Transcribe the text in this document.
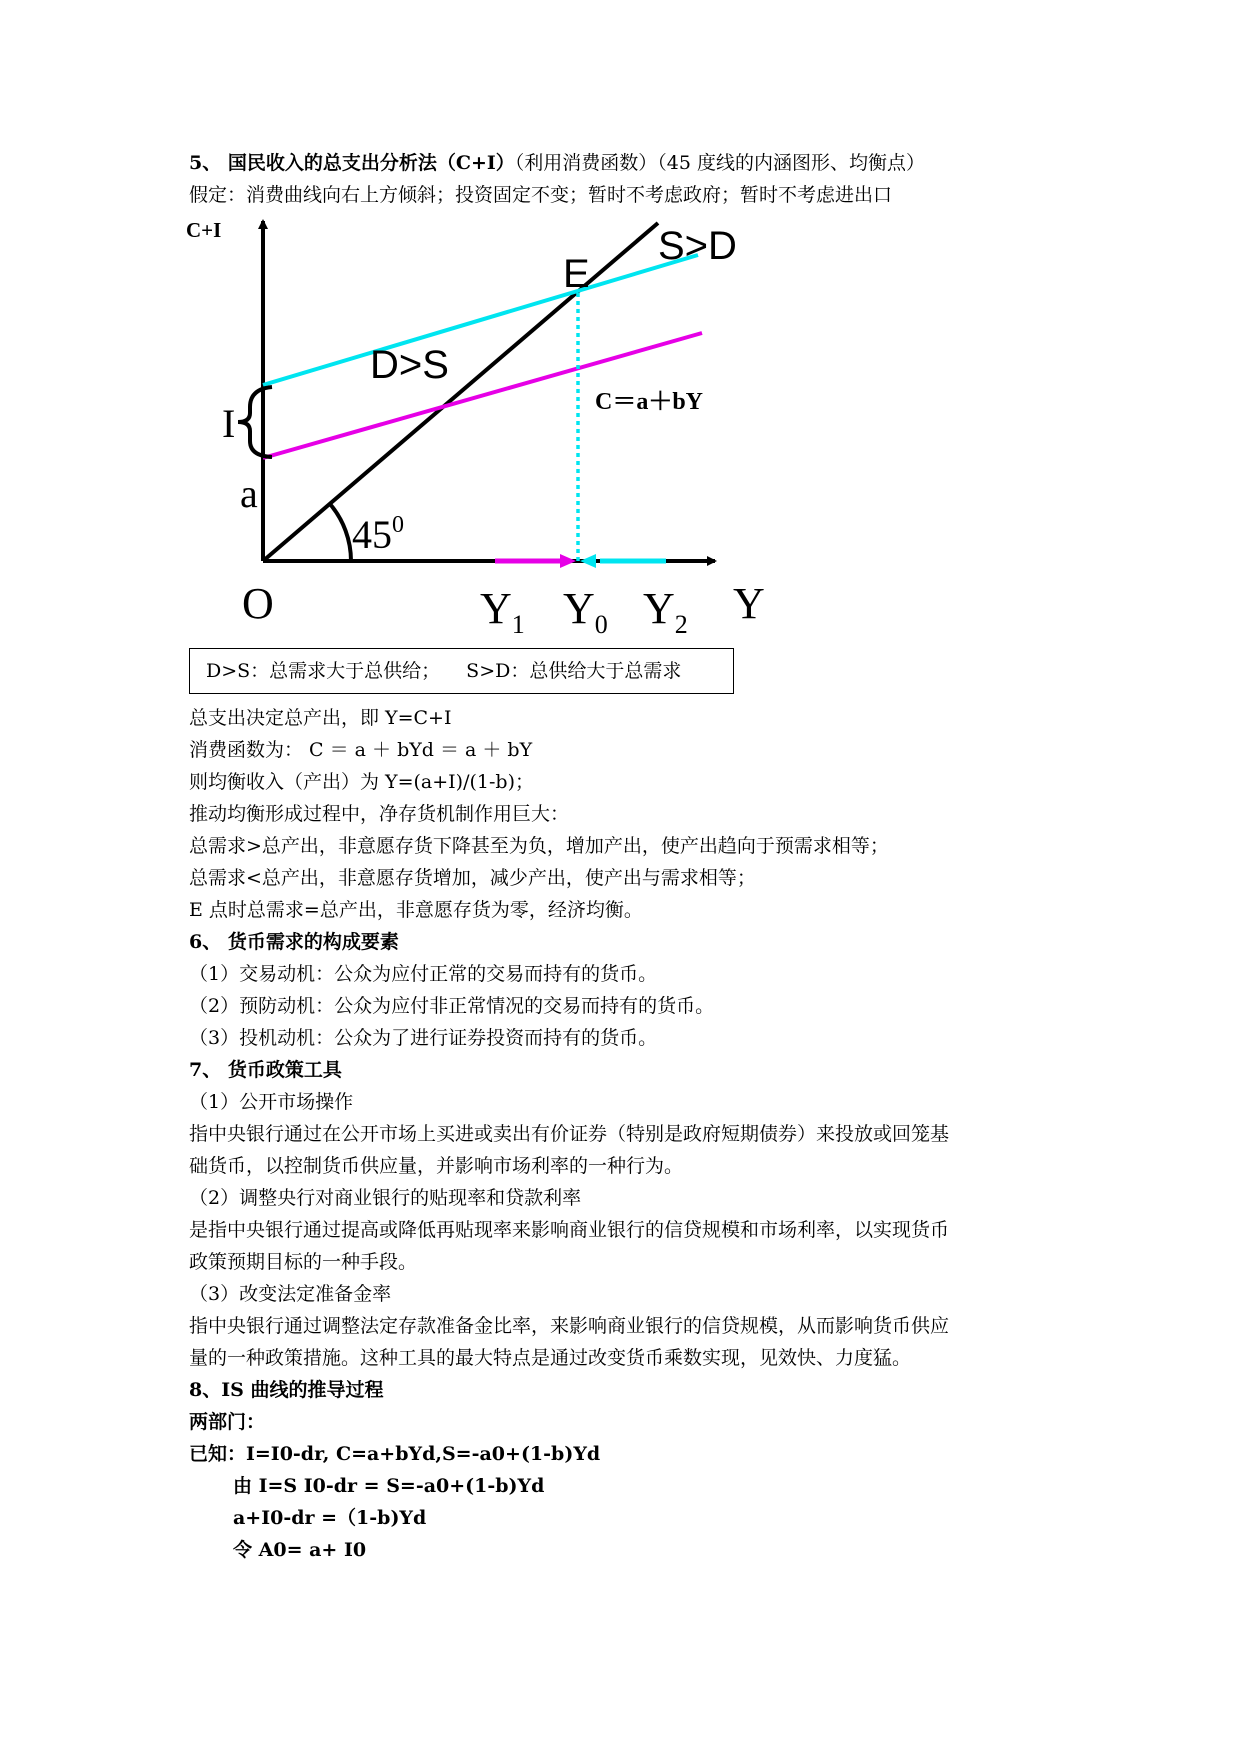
5、 国民收入的总支出分析法（C+I）（利用消费函数）（45 度线的内涵图形、均衡点）
假定：消费曲线向右上方倾斜；投资固定不变；暂时不考虑政府；暂时不考虑进出口
C+I	S>D
E
D>S
C＝a＋bY
I
a
$45^0$
O	$Y_1$ $Y_0$ $Y_2$ Y
D>S：总需求大于总供给； S>D：总供给大于总需求
总支出决定总产出，即 Y=C+I
消费函数为： C ＝ a ＋ bYd ＝ a ＋ bY
则均衡收入（产出）为 Y=(a+I)/(1-b)；
推动均衡形成过程中，净存货机制作用巨大：
总需求>总产出，非意愿存货下降甚至为负，增加产出，使产出趋向于预需求相等；
总需求<总产出，非意愿存货增加，减少产出，使产出与需求相等；
E 点时总需求=总产出，非意愿存货为零，经济均衡。
6、 货币需求的构成要素
（1）交易动机：公众为应付正常的交易而持有的货币。
（2）预防动机：公众为应付非正常情况的交易而持有的货币。
（3）投机动机：公众为了进行证券投资而持有的货币。
7、 货币政策工具
（1）公开市场操作
指中央银行通过在公开市场上买进或卖出有价证券（特别是政府短期债券）来投放或回笼基
础货币，以控制货币供应量，并影响市场利率的一种行为。
（2）调整央行对商业银行的贴现率和贷款利率
是指中央银行通过提高或降低再贴现率来影响商业银行的信贷规模和市场利率，以实现货币
政策预期目标的一种手段。
（3）改变法定准备金率
指中央银行通过调整法定存款准备金比率，来影响商业银行的信贷规模，从而影响货币供应
量的一种政策措施。这种工具的最大特点是通过改变货币乘数实现，见效快、力度猛。
8、IS 曲线的推导过程
两部门：
已知：I=I0-dr, C=a+bYd,S=-a0+(1-b)Yd
由 I=S I0-dr = S=-a0+(1-b)Yd
a+I0-dr =（1-b)Yd
令 A0= a+ I0
